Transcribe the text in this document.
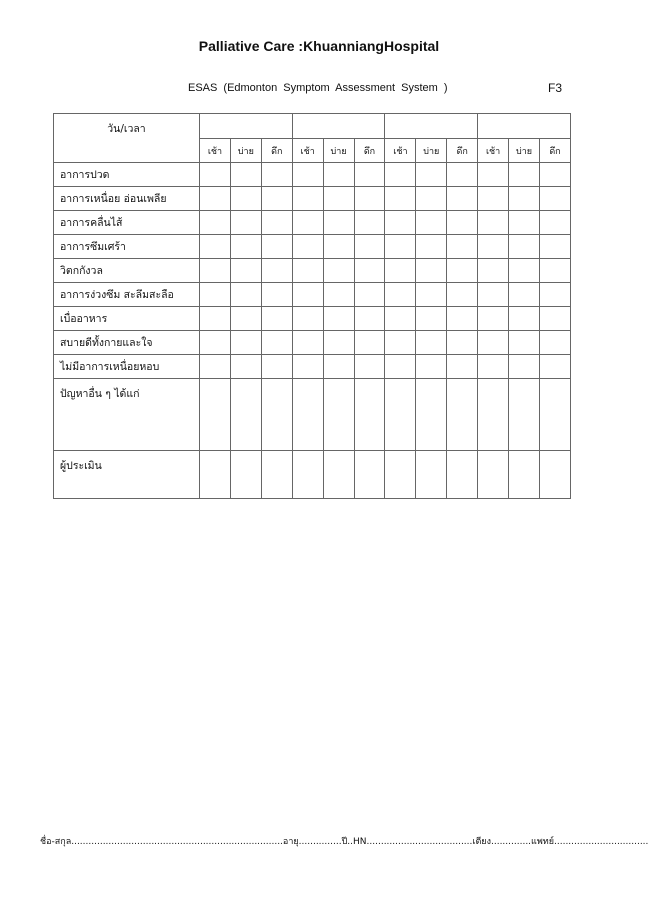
Palliative Care :KhuanniangHospital
ESAS (Edmonton Symptom Assessment System )	F3
วัน/เวลา												
	เช้า	บ่าย	ดึก	เช้า	บ่าย	ดึก	เช้า	บ่าย	ดึก	เช้า	บ่าย	ดึก
อาการปวด												
อาการเหนื่อย อ่อนเพลีย												
อาการคลื่นไส้												
อาการซึมเศร้า												
วิตกกังวล												
อาการง่วงซึม สะลึมสะลือ												
เบื่ออาหาร												
สบายดีทั้งกายและใจ												
ไม่มีอาการเหนื่อยหอบ												
ปัญหาอื่น ๆ ได้แก่												
ผู้ประเมิน												
ชื่อ-สกุล..........................................................................อายุ...............ปี..HN.....................................เตียง..............แพทย์.................................
